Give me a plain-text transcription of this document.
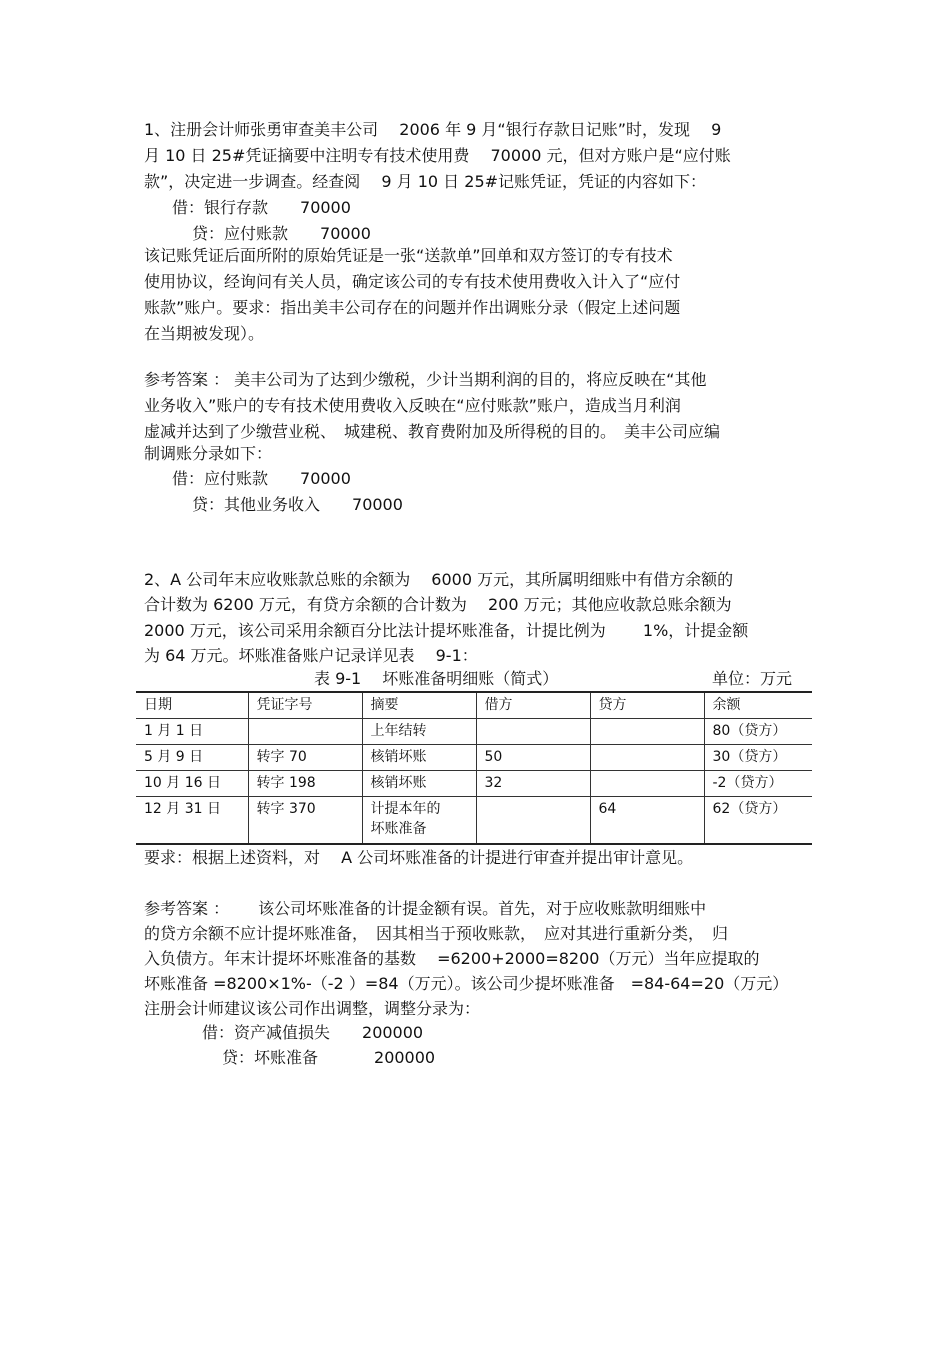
1、注册会计师张勇审查美丰公司　 2006 年 9 月“银行存款日记账”时，发现　 9
月 10 日 25#凭证摘要中注明专有技术使用费　 70000 元，但对方账户是“应付账
款”，决定进一步调查。经查阅　 9 月 10 日 25#记账凭证，凭证的内容如下：
借：银行存款 70000
贷：应付账款 70000
该记账凭证后面所附的原始凭证是一张“送款单”回单和双方签订的专有技术
使用协议，经询问有关人员，确定该公司的专有技术使用费收入计入了“应付
账款”账户。要求：指出美丰公司存在的问题并作出调账分录（假定上述问题
在当期被发现）。
参考答案 ： 美丰公司为了达到少缴税，少计当期利润的目的，将应反映在“其他
业务收入”账户的专有技术使用费收入反映在“应付账款”账户，造成当月利润
虚减并达到了少缴营业税、　城建税、教育费附加及所得税的目的。　美丰公司应编
制调账分录如下：
借：应付账款 70000
贷：其他业务收入 70000
2、A 公司年末应收账款总账的余额为　 6000 万元，其所属明细账中有借方余额的
合计数为 6200 万元，有贷方余额的合计数为　 200 万元；其他应收款总账余额为
2000 万元，该公司采用余额百分比法计提坏账准备，计提比例为　　 1%，计提金额
为 64 万元。坏账准备账户记录详见表　 9-1：
表 9-1　 坏账准备明细账（简式）	单位：万元
日期	凭证字号	摘要	借方	贷方	余额
1 月 1 日		上年结转			80（贷方）
5 月 9 日	转字 70	核销坏账	50		30（贷方）
10 月 16 日	转字 198	核销坏账	32		-2（贷方）
12 月 31 日	转字 370	计提本年的
坏账准备		64	62（贷方）
要求：根据上述资料，对　 A 公司坏账准备的计提进行审查并提出审计意见。
参考答案 ：　　 该公司坏账准备的计提金额有误。首先，对于应收账款明细账中
的贷方余额不应计提坏账准备，　因其相当于预收账款，　应对其进行重新分类，　归
入负债方。年末计提坏坏账准备的基数　 =6200+2000=8200（万元）当年应提取的
坏账准备 =8200×1%-（-2 ）=84（万元）。该公司少提坏账准备　=84-64=20（万元）
注册会计师建议该公司作出调整，调整分录为：
借：资产减值损失 200000
贷：坏账准备	200000
